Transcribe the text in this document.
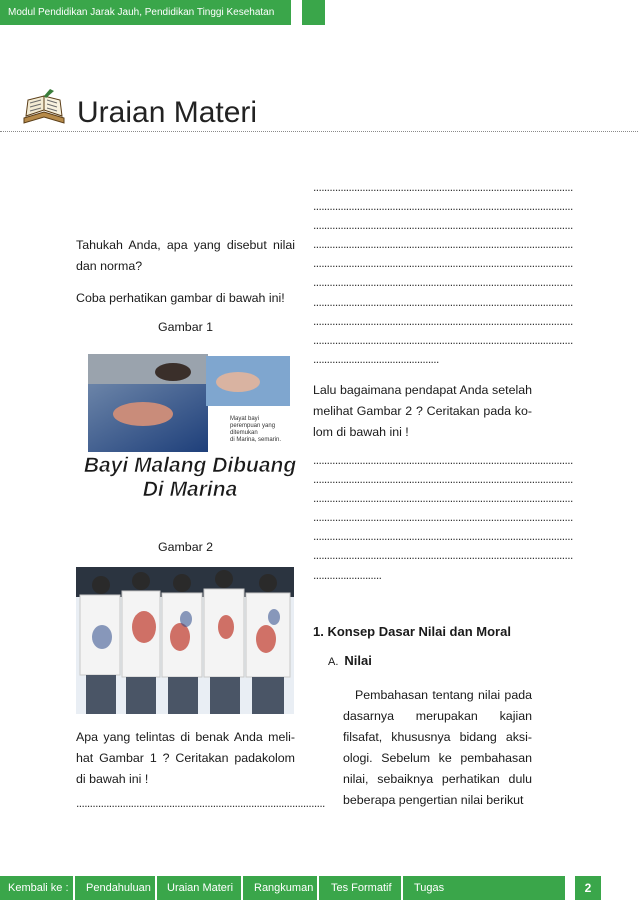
Modul Pendidikan Jarak Jauh, Pendidikan Tinggi Kesehatan
Uraian Materi
Tahukah Anda, apa yang disebut nilai dan norma?
Coba perhatikan gambar di bawah ini!
Gambar 1
Mayat bayi
perempuan yang
ditemukan
di Marina, semarin.
Bayi Malang Dibuang
Di Marina
Gambar 2
Apa yang telintas di benak Anda meli-hat Gambar 1 ? Ceritakan padakolom di bawah ini !
...........................................................................................
...............................................................................................
...............................................................................................
...............................................................................................
...............................................................................................
...............................................................................................
...............................................................................................
...............................................................................................
...............................................................................................
...............................................................................................
..............................................
Lalu bagaimana pendapat Anda setelah melihat Gambar 2 ? Ceritakan pada ko-lom di bawah ini !
...............................................................................................
...............................................................................................
...............................................................................................
...............................................................................................
...............................................................................................
...............................................................................................
.........................
1. Konsep Dasar Nilai dan Moral
A. Nilai
Pembahasan tentang nilai pada dasarnya merupakan kajian filsafat, khususnya bidang aksi-ologi. Sebelum ke pembahasan nilai, sebaiknya perhatikan dulu beberapa pengertian nilai berikut
Kembali ke : Pendahuluan Uraian Materi Rangkuman Tes Formatif Tugas	2
